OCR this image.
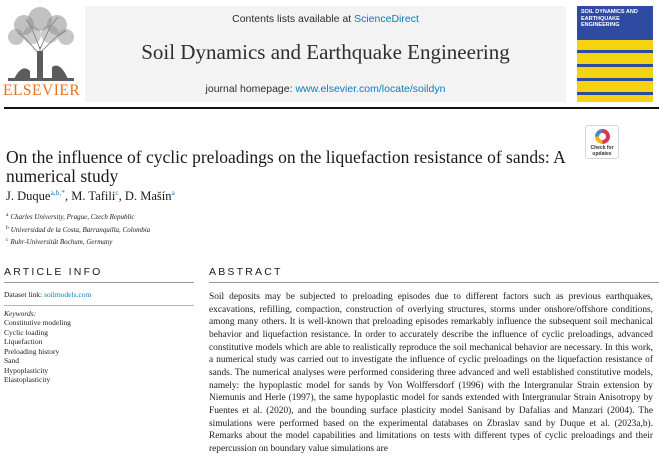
ELSEVIER
Contents lists available at ScienceDirect
Soil Dynamics and Earthquake Engineering
journal homepage: www.elsevier.com/locate/soildyn
SOIL DYNAMICS AND EARTHQUAKE ENGINEERING
On the influence of cyclic preloadings on the liquefaction resistance of sands: A numerical study
Check for updates
J. Duque$^{a,b,*}$, M. Tafili$^c$, D. Mašín$^a$
$^a$ Charles University, Prague, Czech Republic
$^b$ Universidad de la Costa, Barranquilla, Colombia
$^c$ Ruhr-Universität Bochum, Germany
ARTICLE INFO	ABSTRACT
Dataset link: soilmodels.com
Keywords:
Constitutive modeling
Cyclic loading
Liquefaction
Preloading history
Sand
Hypoplasticity
Elastoplasticity
Soil deposits may be subjected to preloading episodes due to different factors such as previous earthquakes, excavations, refilling, compaction, construction of overlying structures, storms under onshore/offshore conditions, among many others. It is well-known that preloading episodes remarkably influence the subsequent soil mechanical behavior and liquefaction resistance. In order to accurately describe the influence of cyclic preloadings, advanced constitutive models which are able to realistically reproduce the soil mechanical behavior are necessary. In this work, a numerical study was carried out to investigate the influence of cyclic preloadings on the liquefaction resistance of sands. The numerical analyses were performed considering three advanced and well established constitutive models, namely: the hypoplastic model for sands by Von Wolffersdorf (1996) with the Intergranular Strain extension by Niemunis and Herle (1997), the same hypoplastic model for sands extended with Intergranular Strain Anisotropy by Fuentes et al. (2020), and the bounding surface plasticity model Sanisand by Dafalias and Manzari (2004). The simulations were performed based on the experimental databases on Zbraslav sand by Duque et al. (2023a,b). Remarks about the model capabilities and limitations on tests with different types of cyclic preloadings and their repercussion on boundary value simulations are
